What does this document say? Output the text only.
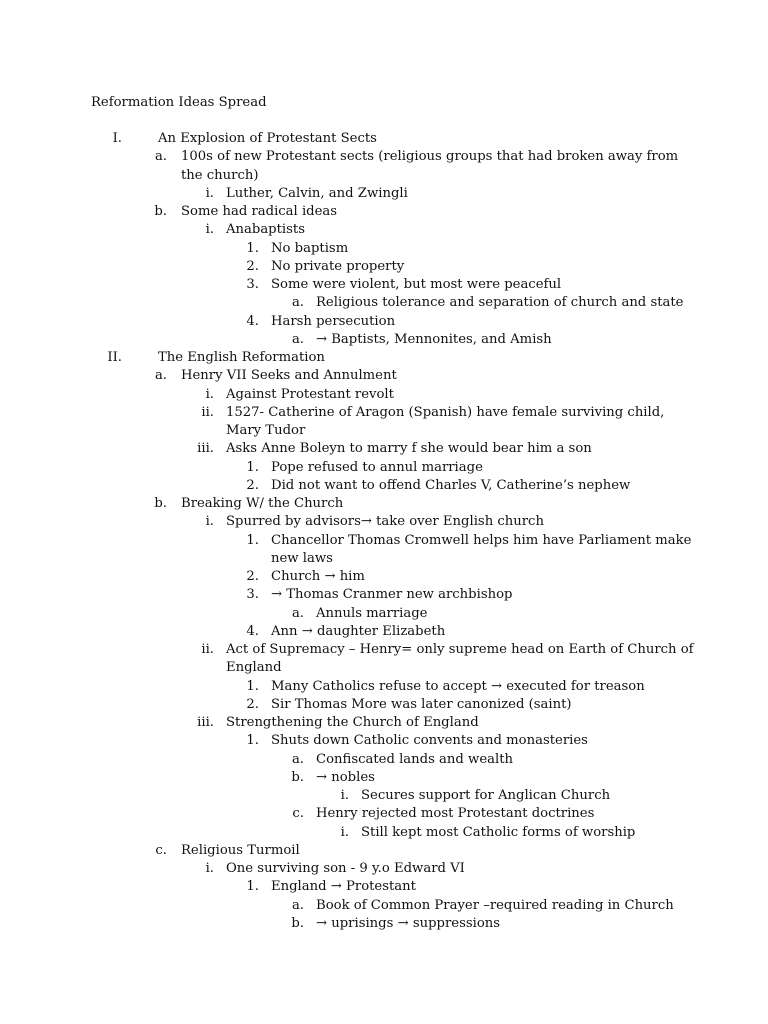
Reformation Ideas Spread
I.	An Explosion of Protestant Sects
a. 100s of new Protestant sects (religious groups that had broken away from
the church)
i. Luther, Calvin, and Zwingli
b. Some had radical ideas
i. Anabaptists
1. No baptism
2. No private property
3. Some were violent, but most were peaceful
a. Religious tolerance and separation of church and state
4. Harsh persecution
a. → Baptists, Mennonites, and Amish
II.	The English Reformation
a. Henry VII Seeks and Annulment
i. Against Protestant revolt
ii. 1527- Catherine of Aragon (Spanish) have female surviving child,
Mary Tudor
iii. Asks Anne Boleyn to marry f she would bear him a son
1. Pope refused to annul marriage
2. Did not want to offend Charles V, Catherine’s nephew
b. Breaking W/ the Church
i. Spurred by advisors→ take over English church
1. Chancellor Thomas Cromwell helps him have Parliament make
new laws
2. Church → him
3. → Thomas Cranmer new archbishop
a. Annuls marriage
4. Ann → daughter Elizabeth
ii. Act of Supremacy – Henry= only supreme head on Earth of Church of
England
1. Many Catholics refuse to accept → executed for treason
2. Sir Thomas More was later canonized (saint)
iii. Strengthening the Church of England
1. Shuts down Catholic convents and monasteries
a. Confiscated lands and wealth
b. → nobles
i. Secures support for Anglican Church
c. Henry rejected most Protestant doctrines
i. Still kept most Catholic forms of worship
c. Religious Turmoil
i. One surviving son - 9 y.o Edward VI
1. England → Protestant
a. Book of Common Prayer –required reading in Church
b. → uprisings → suppressions
